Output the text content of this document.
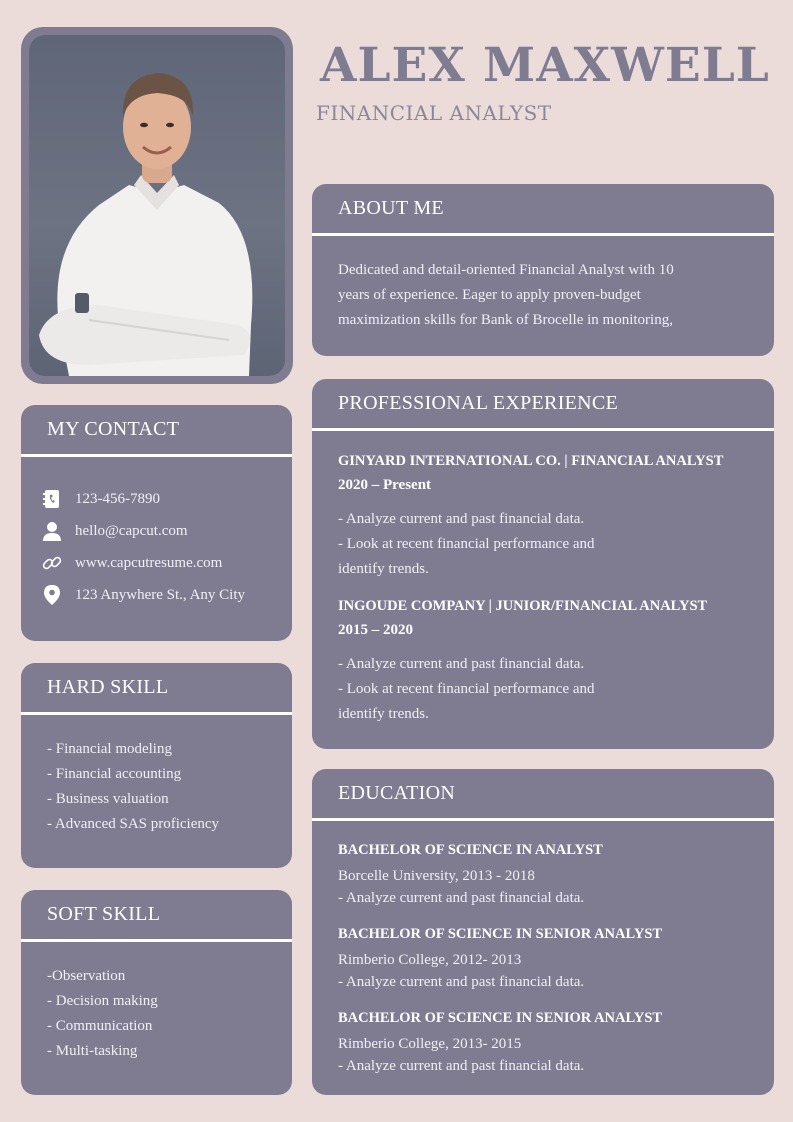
ALEX MAXWELL
FINANCIAL ANALYST
ABOUT ME
Dedicated and detail-oriented Financial Analyst with 10
years of experience. Eager to apply proven-budget
maximization skills for Bank of Brocelle in monitoring,
PROFESSIONAL EXPERIENCE
GINYARD INTERNATIONAL CO. | FINANCIAL ANALYST
2020 – Present
- Analyze current and past financial data.
- Look at recent financial performance and
identify trends.
INGOUDE COMPANY | JUNIOR/FINANCIAL ANALYST
2015 – 2020
- Analyze current and past financial data.
- Look at recent financial performance and
identify trends.
EDUCATION
BACHELOR OF SCIENCE IN ANALYST
Borcelle University, 2013 - 2018
- Analyze current and past financial data.
BACHELOR OF SCIENCE IN SENIOR ANALYST
Rimberio College, 2012- 2013
- Analyze current and past financial data.
BACHELOR OF SCIENCE IN SENIOR ANALYST
Rimberio College, 2013- 2015
- Analyze current and past financial data.
MY CONTACT
123-456-7890
hello@capcut.com
www.capcutresume.com
123 Anywhere St., Any City
HARD SKILL
- Financial modeling
- Financial accounting
- Business valuation
- Advanced SAS proficiency
SOFT SKILL
-Observation
- Decision making
- Communication
- Multi-tasking
